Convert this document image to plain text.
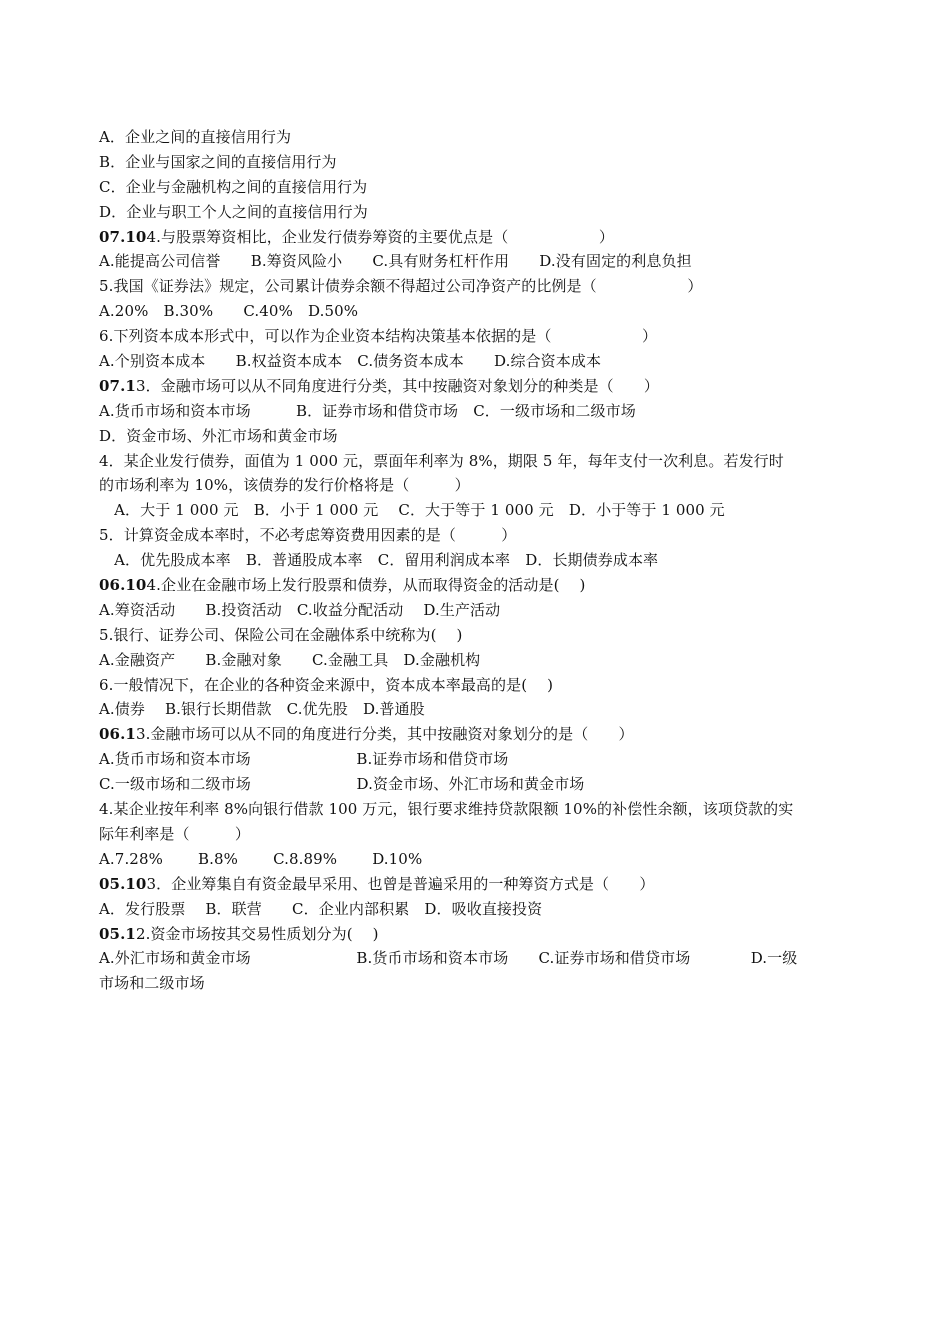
A．企业之间的直接信用行为
B．企业与国家之间的直接信用行为
C．企业与金融机构之间的直接信用行为
D．企业与职工个人之间的直接信用行为
07.104.与股票筹资相比，企业发行债券筹资的主要优点是（　　　　　　）
A.能提高公司信誉　　B.筹资风险小　　C.具有财务杠杆作用　　D.没有固定的利息负担
5.我国《证券法》规定，公司累计债券余额不得超过公司净资产的比例是（　　　　　　）
A.20%　B.30%　　C.40%　D.50%
6.下列资本成本形式中，可以作为企业资本结构决策基本依据的是（　　　　　　）
A.个别资本成本　　B.权益资本成本　C.债务资本成本　　D.综合资本成本
07.13．金融市场可以从不同角度进行分类，其中按融资对象划分的种类是（　　）
A.货币市场和资本市场　　　B．证券市场和借贷市场　C．一级市场和二级市场
D．资金市场、外汇市场和黄金市场
4．某企业发行债券，面值为 1 000 元，票面年利率为 8%，期限 5 年，每年支付一次利息。若发行时
的市场利率为 10%，该债券的发行价格将是（　　　）
　A．大于 1 000 元　B．小于 1 000 元　 C．大于等于 1 000 元　D．小于等于 1 000 元
5．计算资金成本率时，不必考虑筹资费用因素的是（　　　）
　A．优先股成本率　B．普通股成本率　C．留用利润成本率　D．长期债券成本率
06.104.企业在金融市场上发行股票和债券，从而取得资金的活动是(　 )
A.筹资活动　　B.投资活动　C.收益分配活动　 D.生产活动
5.银行、证券公司、保险公司在金融体系中统称为(　 )
A.金融资产　　B.金融对象　　C.金融工具　D.金融机构
6.一般情况下，在企业的各种资金来源中，资本成本率最高的是(　 )
A.债券　 B.银行长期借款　C.优先股　D.普通股
06.13.金融市场可以从不同的角度进行分类，其中按融资对象划分的是（　　）
A.货币市场和资本市场　　　　　　　B.证券市场和借贷市场
C.一级市场和二级市场　　　　　　　D.资金市场、外汇市场和黄金市场
4.某企业按年利率 8%向银行借款 100 万元，银行要求维持贷款限额 10%的补偿性余额，该项贷款的实
际年利率是（　　　）
A.7.28%　　 B.8%　　 C.8.89%　　 D.10%
05.103．企业筹集自有资金最早采用、也曾是普遍采用的一种筹资方式是（　　）
A．发行股票　 B．联营　　C．企业内部积累　D．吸收直接投资
05.12.资金市场按其交易性质划分为(　 )
A.外汇市场和黄金市场　　　　　　　B.货币市场和资本市场　　C.证券市场和借贷市场　　　　D.一级
市场和二级市场
